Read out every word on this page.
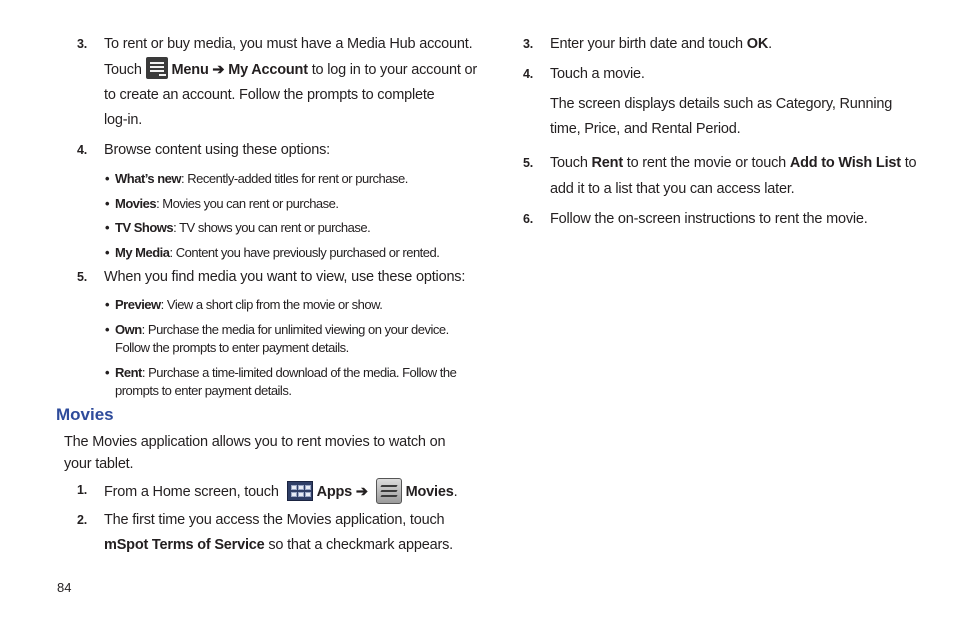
3. To rent or buy media, you must have a Media Hub account.
Touch Menu ➔ My Account to log in to your account or
to create an account. Follow the prompts to complete
log-in.
4. Browse content using these options:
• What’s new: Recently-added titles for rent or purchase.
• Movies: Movies you can rent or purchase.
• TV Shows: TV shows you can rent or purchase.
• My Media: Content you have previously purchased or rented.
5. When you find media you want to view, use these options:
• Preview: View a short clip from the movie or show.
• Own: Purchase the media for unlimited viewing on your device.
Follow the prompts to enter payment details.
• Rent: Purchase a time-limited download of the media. Follow the
prompts to enter payment details.
Movies
The Movies application allows you to rent movies to watch on
your tablet.
1. From a Home screen, touch	Apps ➔	Movies.
2. The first time you access the Movies application, touch
mSpot Terms of Service so that a checkmark appears.
84
3. Enter your birth date and touch OK.
4. Touch a movie.
The screen displays details such as Category, Running
time, Price, and Rental Period.
5. Touch Rent to rent the movie or touch Add to Wish List to
add it to a list that you can access later.
6. Follow the on-screen instructions to rent the movie.
